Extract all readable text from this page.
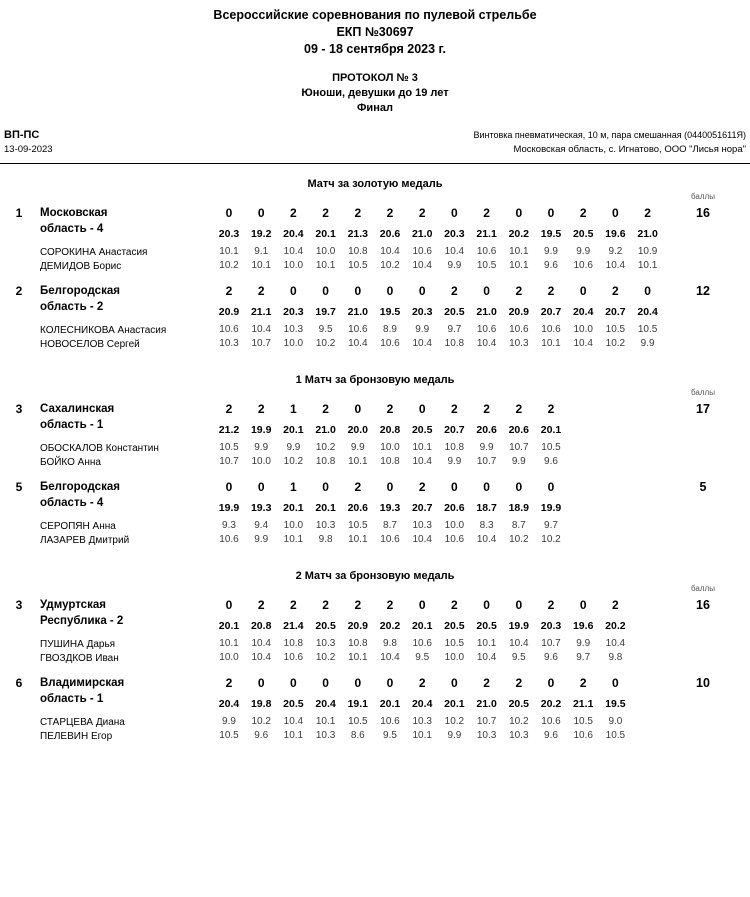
Всероссийские соревнования по пулевой стрельбе
ЕКП №30697
09 - 18 сентября 2023 г.
ПРОТОКОЛ № 3
Юноши, девушки до 19 лет
Финал
ВП-ПС
13-09-2023
Винтовка пневматическая, 10 м, пара смешанная (0440051611Я)
Московская область, с. Игнатово, ООО "Лисья нора"
Матч за золотую медаль
баллы
1	Московская
область - 4
16
СОРОКИНА Анастасия
ДЕМИДОВ Борис
0	0	2	2	2	2	2	0	2	0	0	2	0	2
20.3	19.2	20.4	20.1	21.3	20.6	21.0	20.3	21.1	20.2	19.5	20.5	19.6	21.0
10.1	9.1	10.4	10.0	10.8	10.4	10.6	10.4	10.6	10.1	9.9	9.9	9.2	10.9
10.2	10.1	10.0	10.1	10.5	10.2	10.4	9.9	10.5	10.1	9.6	10.6	10.4	10.1
2	Белгородская
область - 2
12
КОЛЕСНИКОВА Анастасия
НОВОСЕЛОВ Сергей
2	2	0	0	0	0	0	2	0	2	2	0	2	0
20.9	21.1	20.3	19.7	21.0	19.5	20.3	20.5	21.0	20.9	20.7	20.4	20.7	20.4
10.6	10.4	10.3	9.5	10.6	8.9	9.9	9.7	10.6	10.6	10.6	10.0	10.5	10.5
10.3	10.7	10.0	10.2	10.4	10.6	10.4	10.8	10.4	10.3	10.1	10.4	10.2	9.9
1 Матч за бронзовую медаль
баллы
3	Сахалинская
область - 1
17
ОБОСКАЛОВ Константин
БОЙКО Анна
2	2	1	2	0	2	0	2	2	2	2
21.2	19.9	20.1	21.0	20.0	20.8	20.5	20.7	20.6	20.6	20.1
10.5	9.9	9.9	10.2	9.9	10.0	10.1	10.8	9.9	10.7	10.5
10.7	10.0	10.2	10.8	10.1	10.8	10.4	9.9	10.7	9.9	9.6
5	Белгородская
область - 4
5
СЕРОПЯН Анна
ЛАЗАРЕВ Дмитрий
0	0	1	0	2	0	2	0	0	0	0
19.9	19.3	20.1	20.1	20.6	19.3	20.7	20.6	18.7	18.9	19.9
9.3	9.4	10.0	10.3	10.5	8.7	10.3	10.0	8.3	8.7	9.7
10.6	9.9	10.1	9.8	10.1	10.6	10.4	10.6	10.4	10.2	10.2
2 Матч за бронзовую медаль
баллы
3	Удмуртская
Республика - 2
16
ПУШИНА Дарья
ГВОЗДКОВ Иван
0	2	2	2	2	2	0	2	0	0	2	0	2
20.1	20.8	21.4	20.5	20.9	20.2	20.1	20.5	20.5	19.9	20.3	19.6	20.2
10.1	10.4	10.8	10.3	10.8	9.8	10.6	10.5	10.1	10.4	10.7	9.9	10.4
10.0	10.4	10.6	10.2	10.1	10.4	9.5	10.0	10.4	9.5	9.6	9.7	9.8
6	Владимирская
область - 1
10
СТАРЦЕВА Диана
ПЕЛЕВИН Егор
2	0	0	0	0	0	2	0	2	2	0	2	0
20.4	19.8	20.5	20.4	19.1	20.1	20.4	20.1	21.0	20.5	20.2	21.1	19.5
9.9	10.2	10.4	10.1	10.5	10.6	10.3	10.2	10.7	10.2	10.6	10.5	9.0
10.5	9.6	10.1	10.3	8.6	9.5	10.1	9.9	10.3	10.3	9.6	10.6	10.5
